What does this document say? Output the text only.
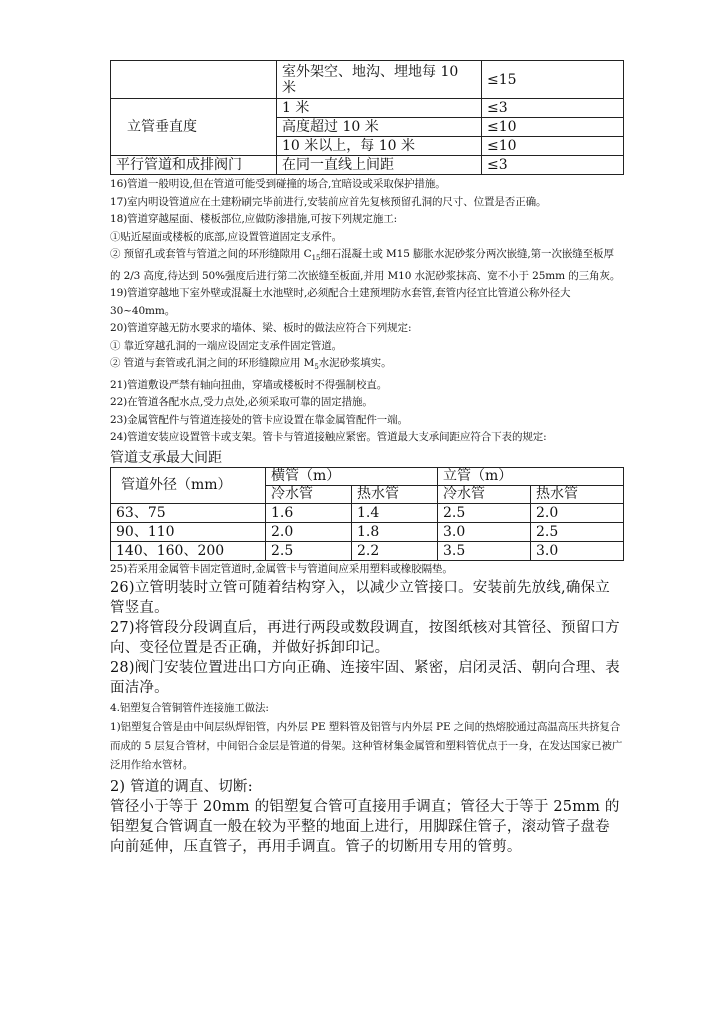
	室外架空、地沟、埋地每 10 米	≤15
立管垂直度	1 米	≤3
	高度超过 10 米	≤10
	10 米以上，每 10 米	≤10
平行管道和成排阀门	在同一直线上间距	≤3

16)管道一般明设,但在管道可能受到碰撞的场合,宜暗设或采取保护措施。

17)室内明设管道应在土建粉刷完毕前进行,安装前应首先复核预留孔洞的尺寸、位置是否正确。

18)管道穿越屋面、楼板部位,应做防渗措施,可按下列规定施工:

①贴近屋面或楼板的底部,应设置管道固定支承件。

② 预留孔或套管与管道之间的环形缝隙用 $C_{15}$细石混凝土或 M15 膨胀水泥砂浆分两次嵌缝,第一次嵌缝至板厚的 2/3 高度,待达到 50%强度后进行第二次嵌缝至板面,并用 M10 水泥砂浆抹高、宽不小于 25mm 的三角灰。

19)管道穿越地下室外壁或混凝土水池壁时,必须配合土建预埋防水套管,套管内径宜比管道公称外径大 30~40mm。

20)管道穿越无防水要求的墙体、梁、板时的做法应符合下列规定:

① 靠近穿越孔洞的一端应设固定支承件固定管道。

② 管道与套管或孔洞之间的环形缝隙应用 $M_5$水泥砂浆填实。

21)管道敷设严禁有轴向扭曲，穿墙或楼板时不得强制校直。

22)在管道各配水点,受力点处,必须采取可靠的固定措施。

23)金属管配件与管道连接处的管卡应设置在靠金属管配件一端。

24)管道安装应设置管卡或支架。管卡与管道接触应紧密。管道最大支承间距应符合下表的规定:

管道支承最大间距

管道外径（mm）	横管（m）		立管（m）	
	冷水管	热水管	冷水管	热水管
63、75	1.6	1.4	2.5	2.0
90、110	2.0	1.8	3.0	2.5
140、160、200	2.5	2.2	3.5	3.0

25)若采用金属管卡固定管道时,金属管卡与管道间应采用塑料或橡胶隔垫。

26)立管明装时立管可随着结构穿入，以减少立管接口。安装前先放线,确保立管竖直。

27)将管段分段调直后，再进行两段或数段调直，按图纸核对其管径、预留口方向、变径位置是否正确，并做好拆卸印记。

28)阀门安装位置进出口方向正确、连接牢固、紧密，启闭灵活、朝向合理、表面洁净。

4.铝塑复合管铜管件连接施工做法:

1)铝塑复合管是由中间层纵焊铝管，内外层 PE 塑料管及铝管与内外层 PE 之间的热熔胶通过高温高压共挤复合而成的 5 层复合管材，中间铝合金层是管道的骨架。这种管材集金属管和塑料管优点于一身，在发达国家已被广泛用作给水管材。

2) 管道的调直、切断:

管径小于等于 20mm 的铝塑复合管可直接用手调直；管径大于等于 25mm 的铝塑复合管调直一般在较为平整的地面上进行，用脚踩住管子，滚动管子盘卷向前延伸，压直管子，再用手调直。管子的切断用专用的管剪。
